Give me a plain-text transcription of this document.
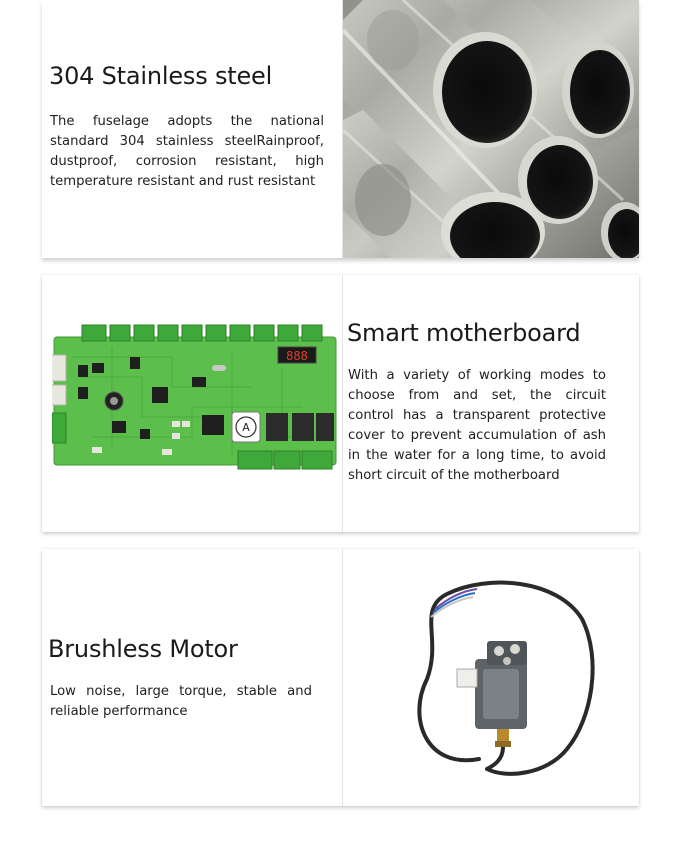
304 Stainless steel

The fuselage adopts the national standard 304 stainless steelRainproof, dustproof, corrosion resistant, high temperature resistant and rust resistant

888
A
Smart motherboard

With a variety of working modes to choose from and set, the circuit control has a transparent protective cover to prevent accumulation of ash in the water for a long time, to avoid short circuit of the motherboard

Brushless Motor

Low noise, large torque, stable and reliable performance
